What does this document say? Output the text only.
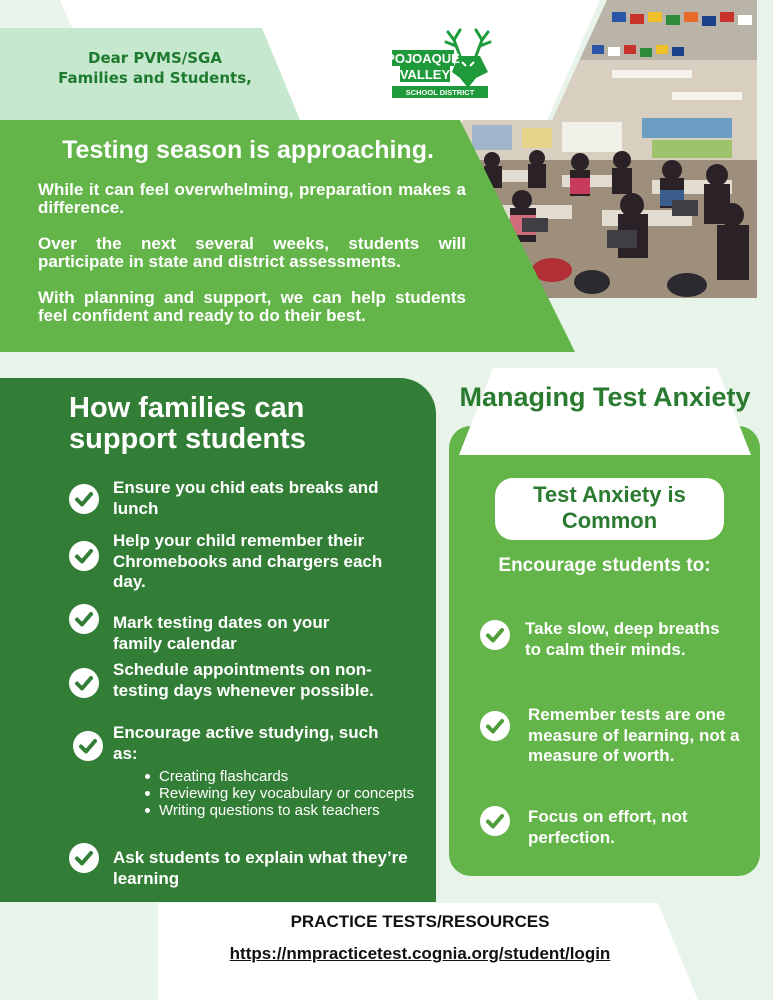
Dear PVMS/SGA
Families and Students,
POJOAQUE
VALLEY
SCHOOL DISTRICT
Testing season is approaching.
While it can feel overwhelming, preparation makes a difference.
Over the next several weeks, students will participate in state and district assessments.
With planning and support, we can help students feel confident and ready to do their best.
How families can support students
Ensure you chid eats breaks and lunch
Help your child remember their Chromebooks and chargers each day.
Mark testing dates on your family calendar
Schedule appointments on non-testing days whenever possible.
Encourage active studying, such as:
Creating flashcards
Reviewing key vocabulary or concepts
Writing questions to ask teachers
Ask students to explain what they’re learning
Managing Test Anxiety
Test Anxiety is Common
Encourage students to:
Take slow, deep breaths to calm their minds.
Remember tests are one measure of learning, not a measure of worth.
Focus on effort, not perfection.
PRACTICE TESTS/RESOURCES
https://nmpracticetest.cognia.org/student/login
